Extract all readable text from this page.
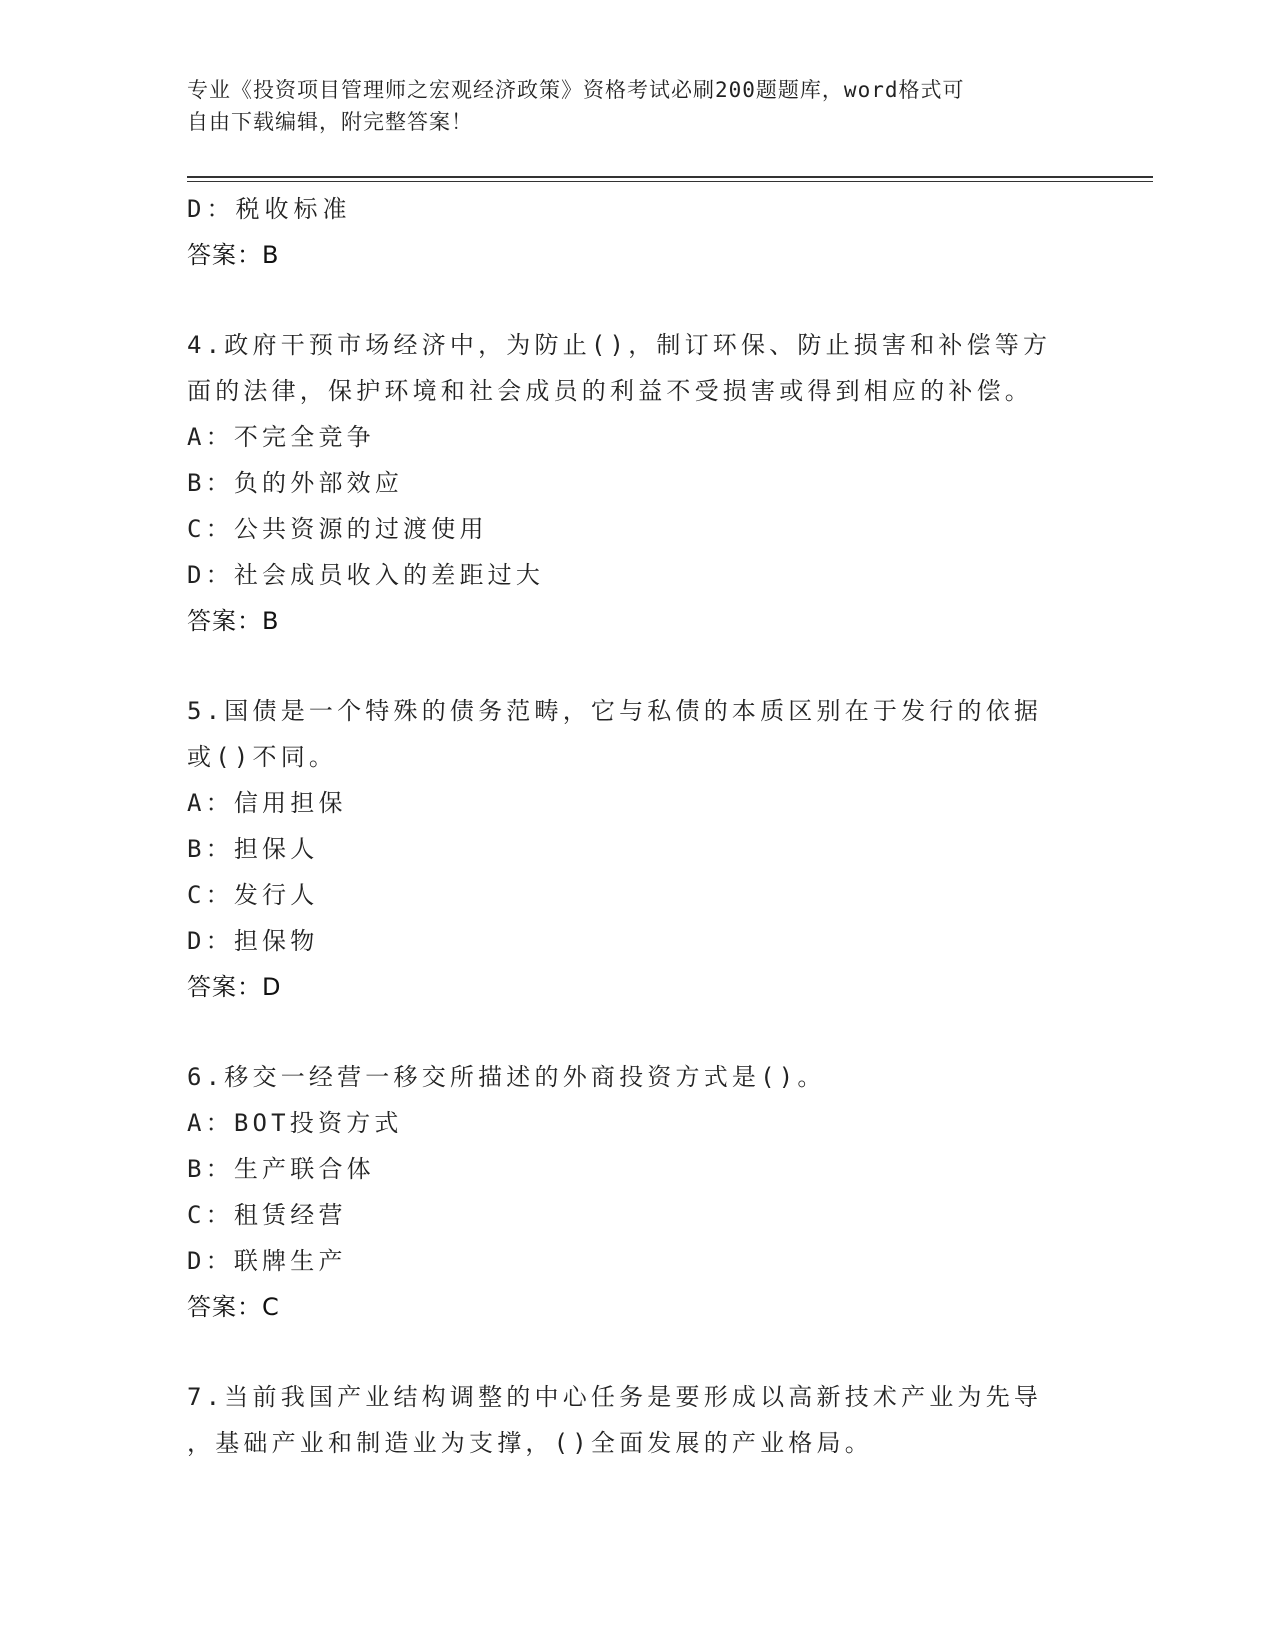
专业《投资项目管理师之宏观经济政策》资格考试必刷200题题库，word格式可
自由下载编辑，附完整答案！
D：税收标准
答案：B
4.政府干预市场经济中，为防止()，制订环保、防止损害和补偿等方
面的法律，保护环境和社会成员的利益不受损害或得到相应的补偿。
A：不完全竞争
B：负的外部效应
C：公共资源的过渡使用
D：社会成员收入的差距过大
答案：B
5.国债是一个特殊的债务范畴，它与私债的本质区别在于发行的依据
或()不同。
A：信用担保
B：担保人
C：发行人
D：担保物
答案：D
6.移交一经营一移交所描述的外商投资方式是()。
A：BOT投资方式
B：生产联合体
C：租赁经营
D：联牌生产
答案：C
7.当前我国产业结构调整的中心任务是要形成以高新技术产业为先导
，基础产业和制造业为支撑，()全面发展的产业格局。
